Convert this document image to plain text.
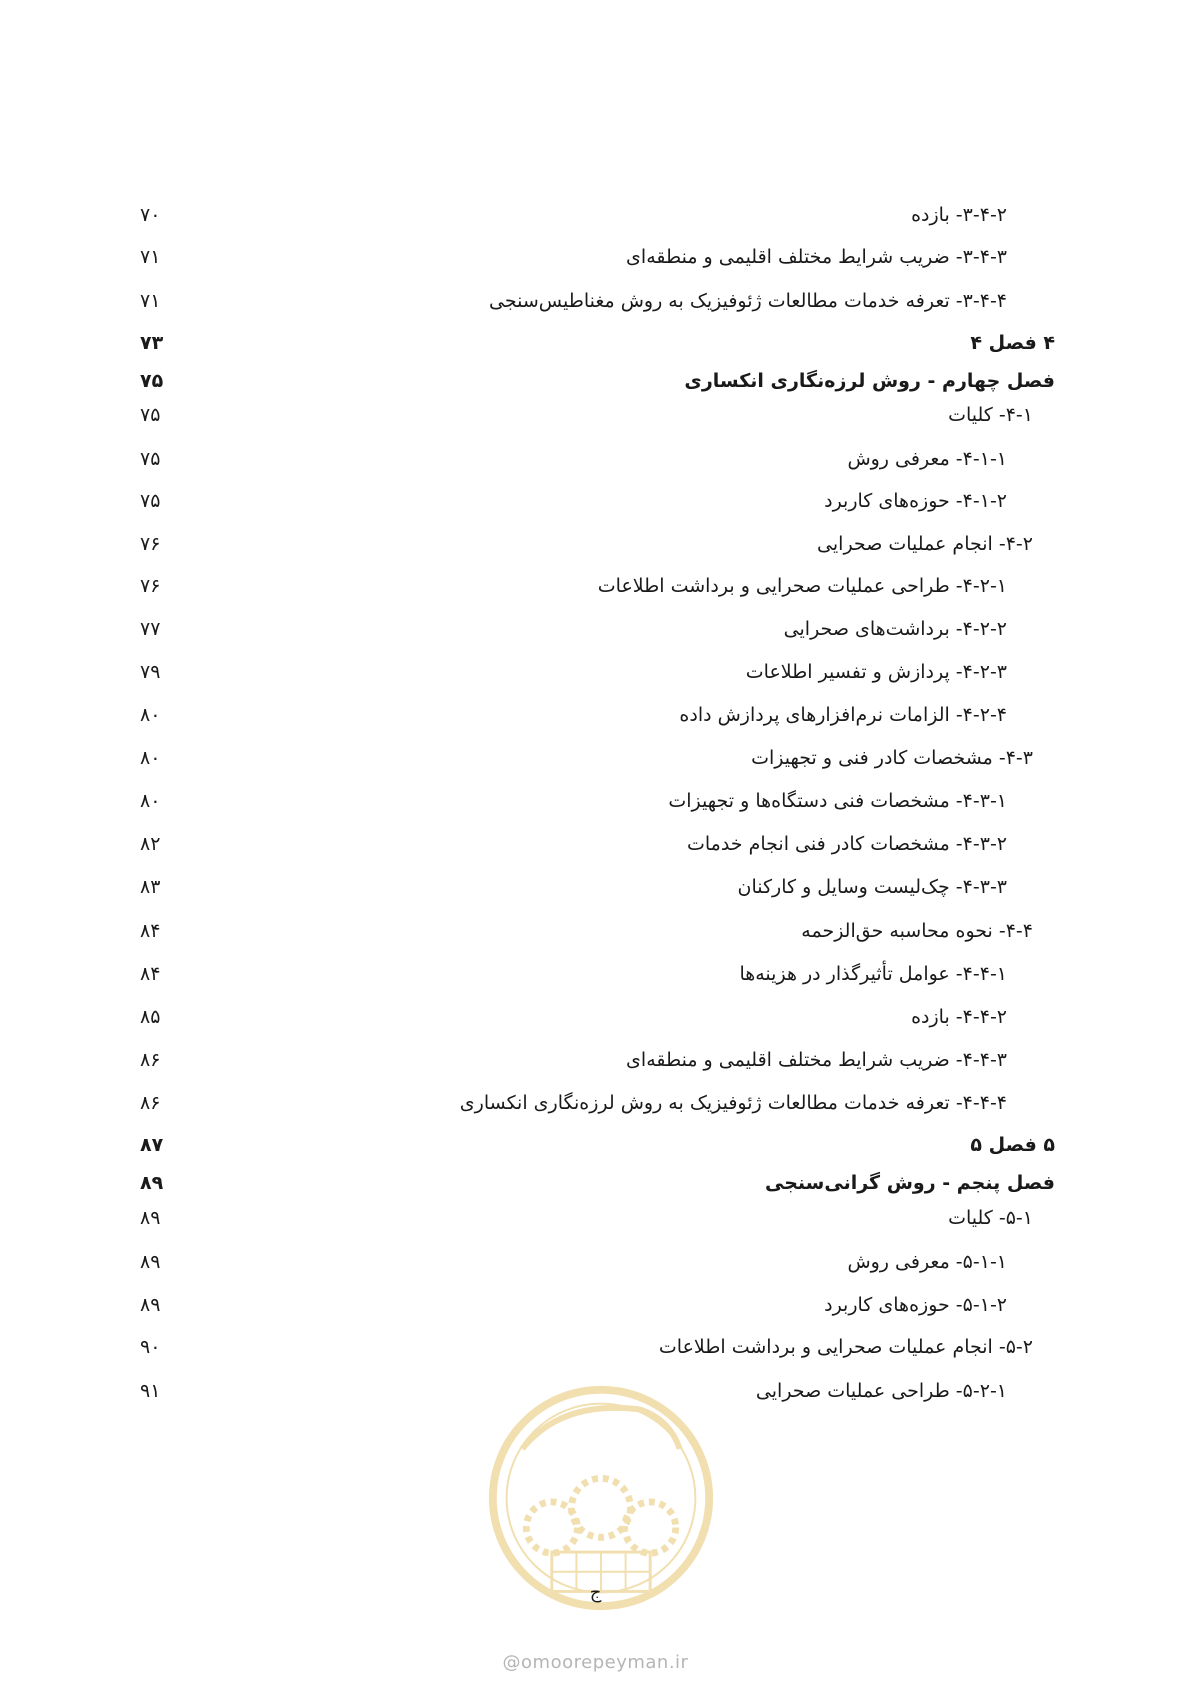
۳-۴-۲- بازده
۷۰
۳-۴-۳- ضریب شرایط مختلف اقلیمی و منطقه‌ای
۷۱
۳-۴-۴- تعرفه خدمات مطالعات ژئوفیزیک به روش مغناطیس‌سنجی
۷۱
۴ فصل ۴
۷۳
فصل چهارم - روش لرزه‌نگاری انکساری
۷۵
۴-۱- کلیات
۷۵
۴-۱-۱- معرفی روش
۷۵
۴-۱-۲- حوزه‌های کاربرد
۷۵
۴-۲- انجام عملیات صحرایی
۷۶
۴-۲-۱- طراحی عملیات صحرایی و برداشت اطلاعات
۷۶
۴-۲-۲- برداشت‌های صحرایی
۷۷
۴-۲-۳- پردازش و تفسیر اطلاعات
۷۹
۴-۲-۴- الزامات نرم‌افزارهای پردازش داده
۸۰
۴-۳- مشخصات کادر فنی و تجهیزات
۸۰
۴-۳-۱- مشخصات فنی دستگاه‌ها و تجهیزات
۸۰
۴-۳-۲- مشخصات کادر فنی انجام خدمات
۸۲
۴-۳-۳- چک‌لیست وسایل و کارکنان
۸۳
۴-۴- نحوه محاسبه حق‌الزحمه
۸۴
۴-۴-۱- عوامل تأثیرگذار در هزینه‌ها
۸۴
۴-۴-۲- بازده
۸۵
۴-۴-۳- ضریب شرایط مختلف اقلیمی و منطقه‌ای
۸۶
۴-۴-۴- تعرفه خدمات مطالعات ژئوفیزیک به روش لرزه‌نگاری انکساری
۸۶
۵ فصل ۵
۸۷
فصل پنجم - روش گرانی‌سنجی
۸۹
۵-۱- کلیات
۸۹
۵-۱-۱- معرفی روش
۸۹
۵-۱-۲- حوزه‌های کاربرد
۸۹
۵-۲- انجام عملیات صحرایی و برداشت اطلاعات
۹۰
۵-۲-۱- طراحی عملیات صحرایی
۹۱
ج
@omoorepeyman.ir
